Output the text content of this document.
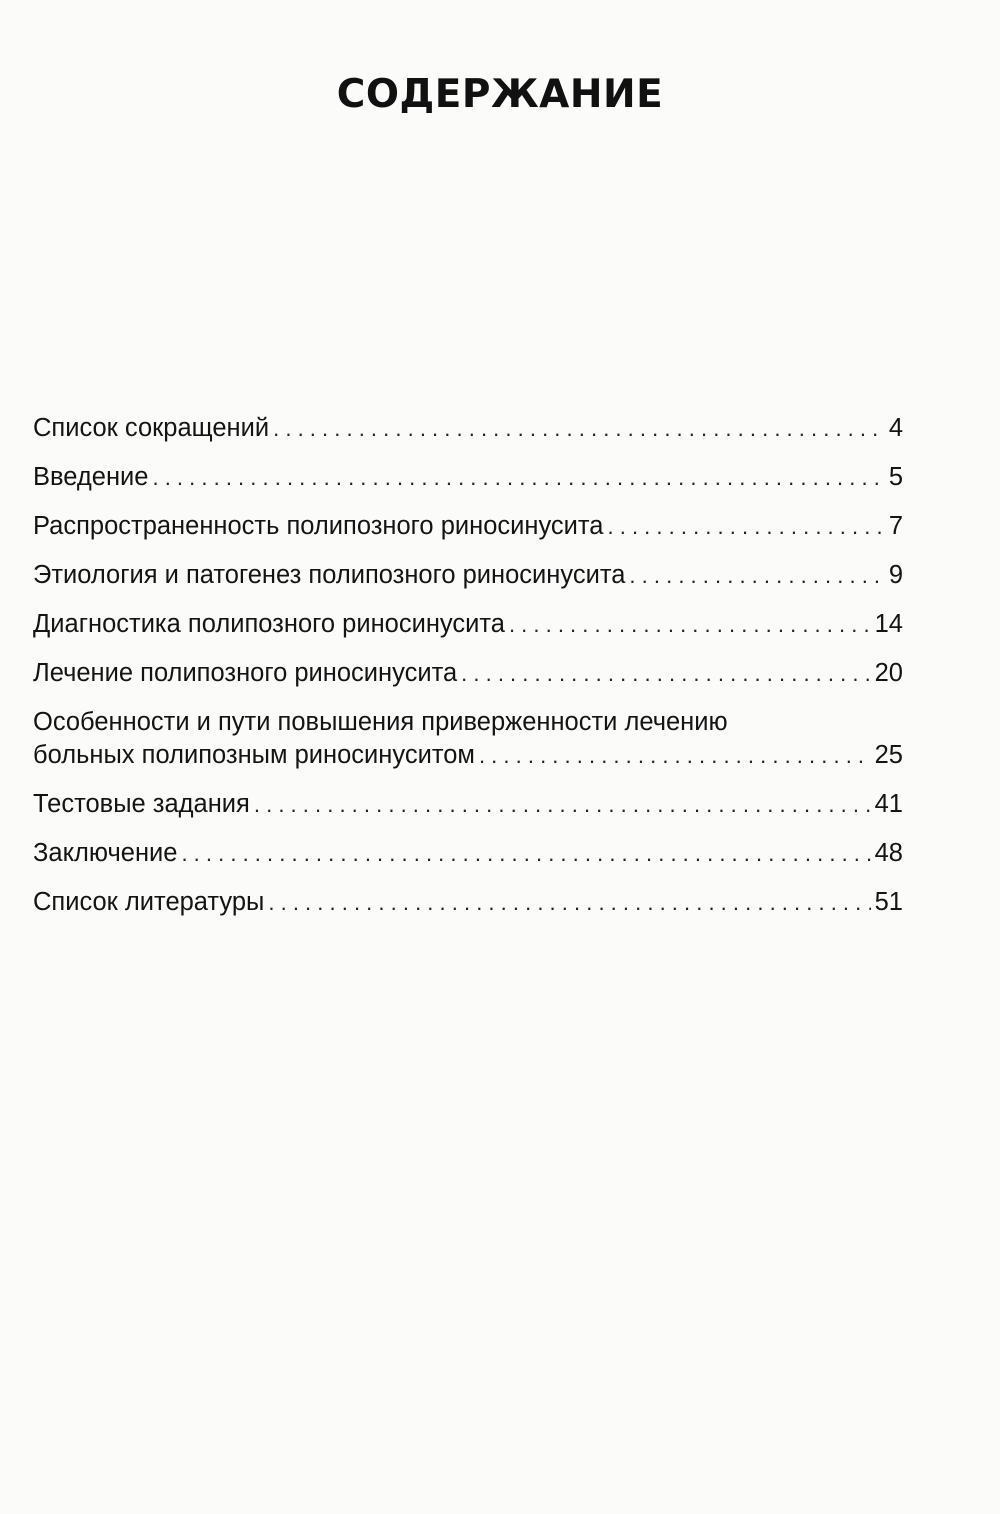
СОДЕРЖАНИЕ
Список сокращений . . .	4
Введение . . .	5
Распространенность полипозного риносинусита . . .	7
Этиология и патогенез полипозного риносинусита . . .	9
Диагностика полипозного риносинусита . . .	14
Лечение полипозного риносинусита . . .	20
Особенности и пути повышения приверженности лечению
больных полипозным риносинуситом . . .	25
Тестовые задания . . .	41
Заключение . . .	48
Список литературы . . .	51
